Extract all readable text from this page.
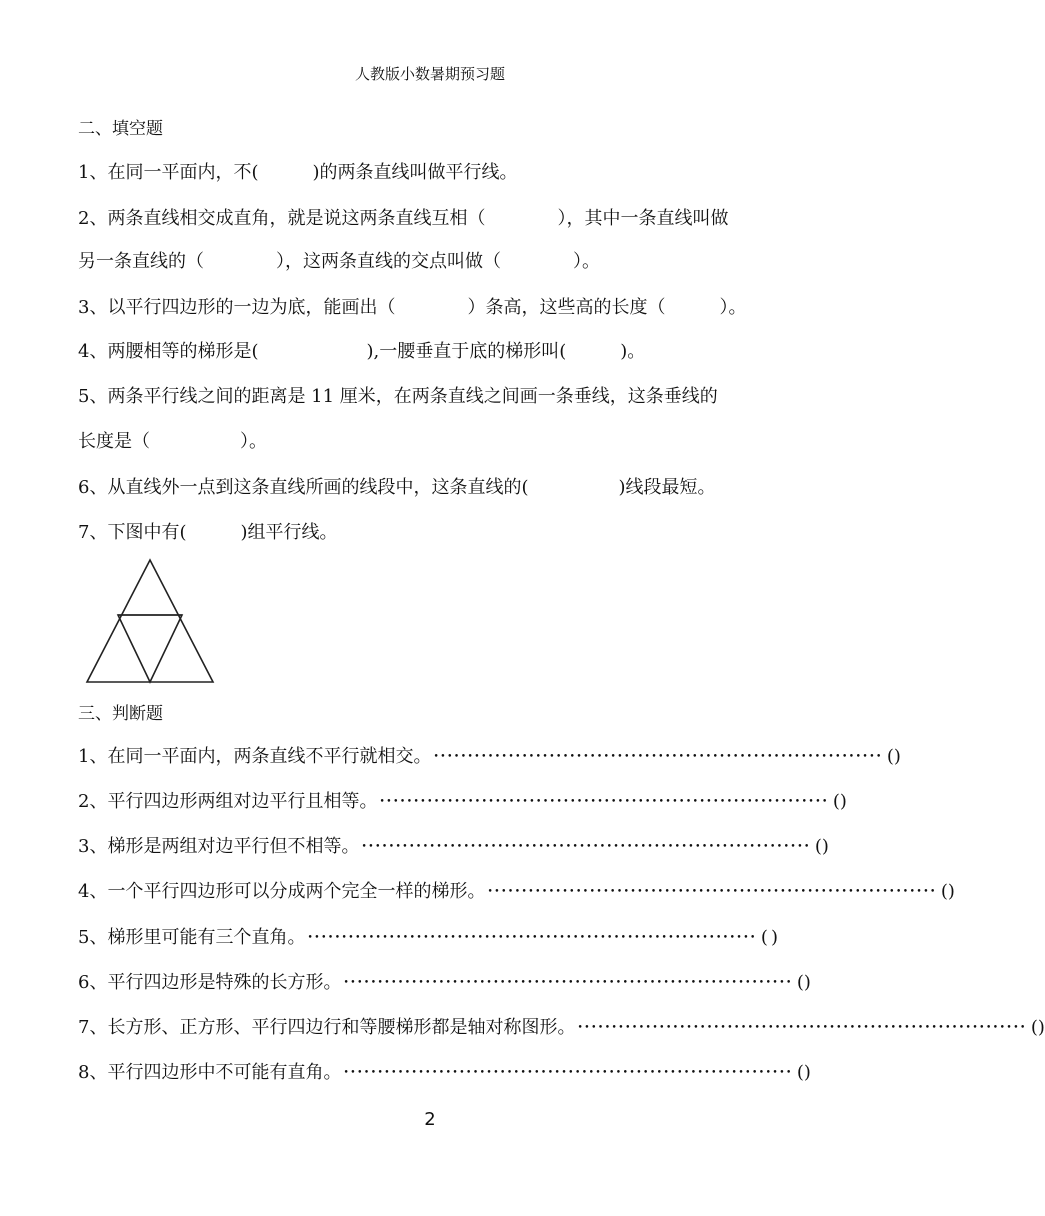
人教版小数暑期预习题
二、填空题
1、在同一平面内，不(　　　)的两条直线叫做平行线。
2、两条直线相交成直角，就是说这两条直线互相（　　　　），其中一条直线叫做
另一条直线的（　　　　），这两条直线的交点叫做（　　　　）。
3、以平行四边形的一边为底，能画出（　　　　）条高，这些高的长度（　　　）。
4、两腰相等的梯形是(　　　　　　),一腰垂直于底的梯形叫(　　　)。
5、两条平行线之间的距离是 11 厘米，在两条直线之间画一条垂线，这条垂线的
长度是（　　　　　）。
6、从直线外一点到这条直线所画的线段中，这条直线的(　　　　　)线段最短。
7、下图中有(　　　)组平行线。
三、判断题
1、在同一平面内，两条直线不平行就相交。 •••••••••••••••••••••••••••••••••••••••••••••••••••••••••••••••••• ( )
2、平行四边形两组对边平行且相等。 •••••••••••••••••••••••••••••••••••••••••••••••••••••••••••••••••• ( )
3、梯形是两组对边平行但不相等。 •••••••••••••••••••••••••••••••••••••••••••••••••••••••••••••••••• ( )
4、一个平行四边形可以分成两个完全一样的梯形。 •••••••••••••••••••••••••••••••••••••••••••••••••••••••••••••••••• ( )
5、梯形里可能有三个直角。 •••••••••••••••••••••••••••••••••••••••••••••••••••••••••••••••••• ( )
6、平行四边形是特殊的长方形。 •••••••••••••••••••••••••••••••••••••••••••••••••••••••••••••••••• ( )
7、长方形、正方形、平行四边行和等腰梯形都是轴对称图形。 •••••••••••••••••••••••••••••••••••••••••••••••••••••••••••••••••• ( )
8、平行四边形中不可能有直角。 •••••••••••••••••••••••••••••••••••••••••••••••••••••••••••••••••• ( )
2
